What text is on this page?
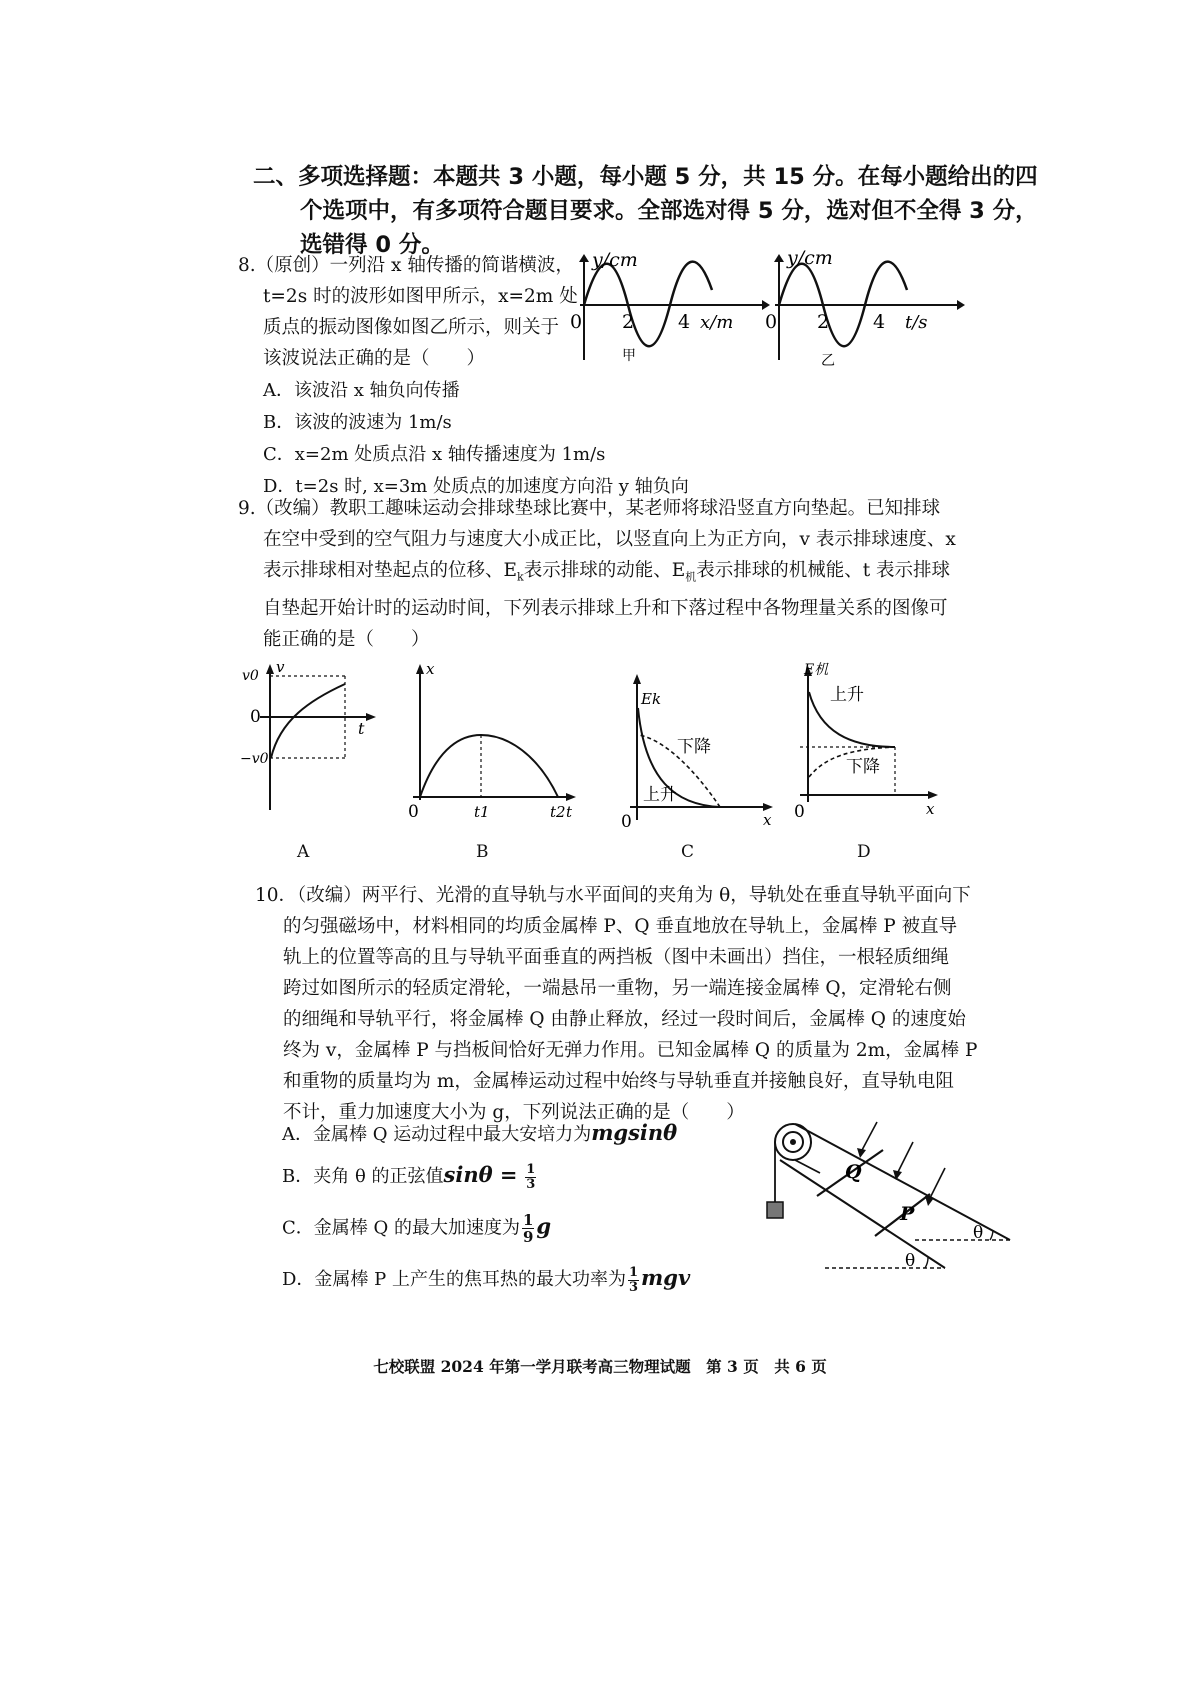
二、多项选择题：本题共 3 小题，每小题 5 分，共 15 分。在每小题给出的四
个选项中，有多项符合题目要求。全部选对得 5 分，选对但不全得 3 分，
选错得 0 分。
8.（原创）一列沿 x 轴传播的简谐横波，
t=2s 时的波形如图甲所示，x=2m 处
质点的振动图像如图乙所示，则关于
该波说法正确的是（　　）
A．该波沿 x 轴负向传播
B．该波的波速为 1m/s
C．x=2m 处质点沿 x 轴传播速度为 1m/s
D．t=2s 时, x=3m 处质点的加速度方向沿 y 轴负向
y/cm
0 2 4 x/m
甲
y/cm
0 2 4 t/s
乙
9.（改编）教职工趣味运动会排球垫球比赛中，某老师将球沿竖直方向垫起。已知排球
在空中受到的空气阻力与速度大小成正比，以竖直向上为正方向，v 表示排球速度、x
表示排球相对垫起点的位移、$E_k$表示排球的动能、$E_机$表示排球的机械能、t 表示排球
自垫起开始计时的运动时间，下列表示排球上升和下落过程中各物理量关系的图像可
能正确的是（　　）
v
v0
0
−v0
t
A
x
0	t1	t2 t
B
Ek
0
下降
上升
x
C
E机
上升
下降
0	x
D
10．（改编）两平行、光滑的直导轨与水平面间的夹角为 θ，导轨处在垂直导轨平面向下
的匀强磁场中，材料相同的均质金属棒 P、Q 垂直地放在导轨上，金属棒 P 被直导
轨上的位置等高的且与导轨平面垂直的两挡板（图中未画出）挡住，一根轻质细绳
跨过如图所示的轻质定滑轮，一端悬吊一重物，另一端连接金属棒 Q，定滑轮右侧
的细绳和导轨平行，将金属棒 Q 由静止释放，经过一段时间后，金属棒 Q 的速度始
终为 v，金属棒 P 与挡板间恰好无弹力作用。已知金属棒 Q 的质量为 2m，金属棒 P
和重物的质量均为 m，金属棒运动过程中始终与导轨垂直并接触良好，直导轨电阻
不计，重力加速度大小为 g，下列说法正确的是（　　）
A．金属棒 Q 运动过程中最大安培力为mgsinθ
B．夹角 θ 的正弦值$\sin\theta = \frac{1}{3}$
C．金属棒 Q 的最大加速度为 $\frac{1}{9}$ g
D．金属棒 P 上产生的焦耳热的最大功率为 $\frac{1}{3}$ mgv
Q
P
θ
θ
七校联盟 2024 年第一学月联考高三物理试题　第 3 页　共 6 页
